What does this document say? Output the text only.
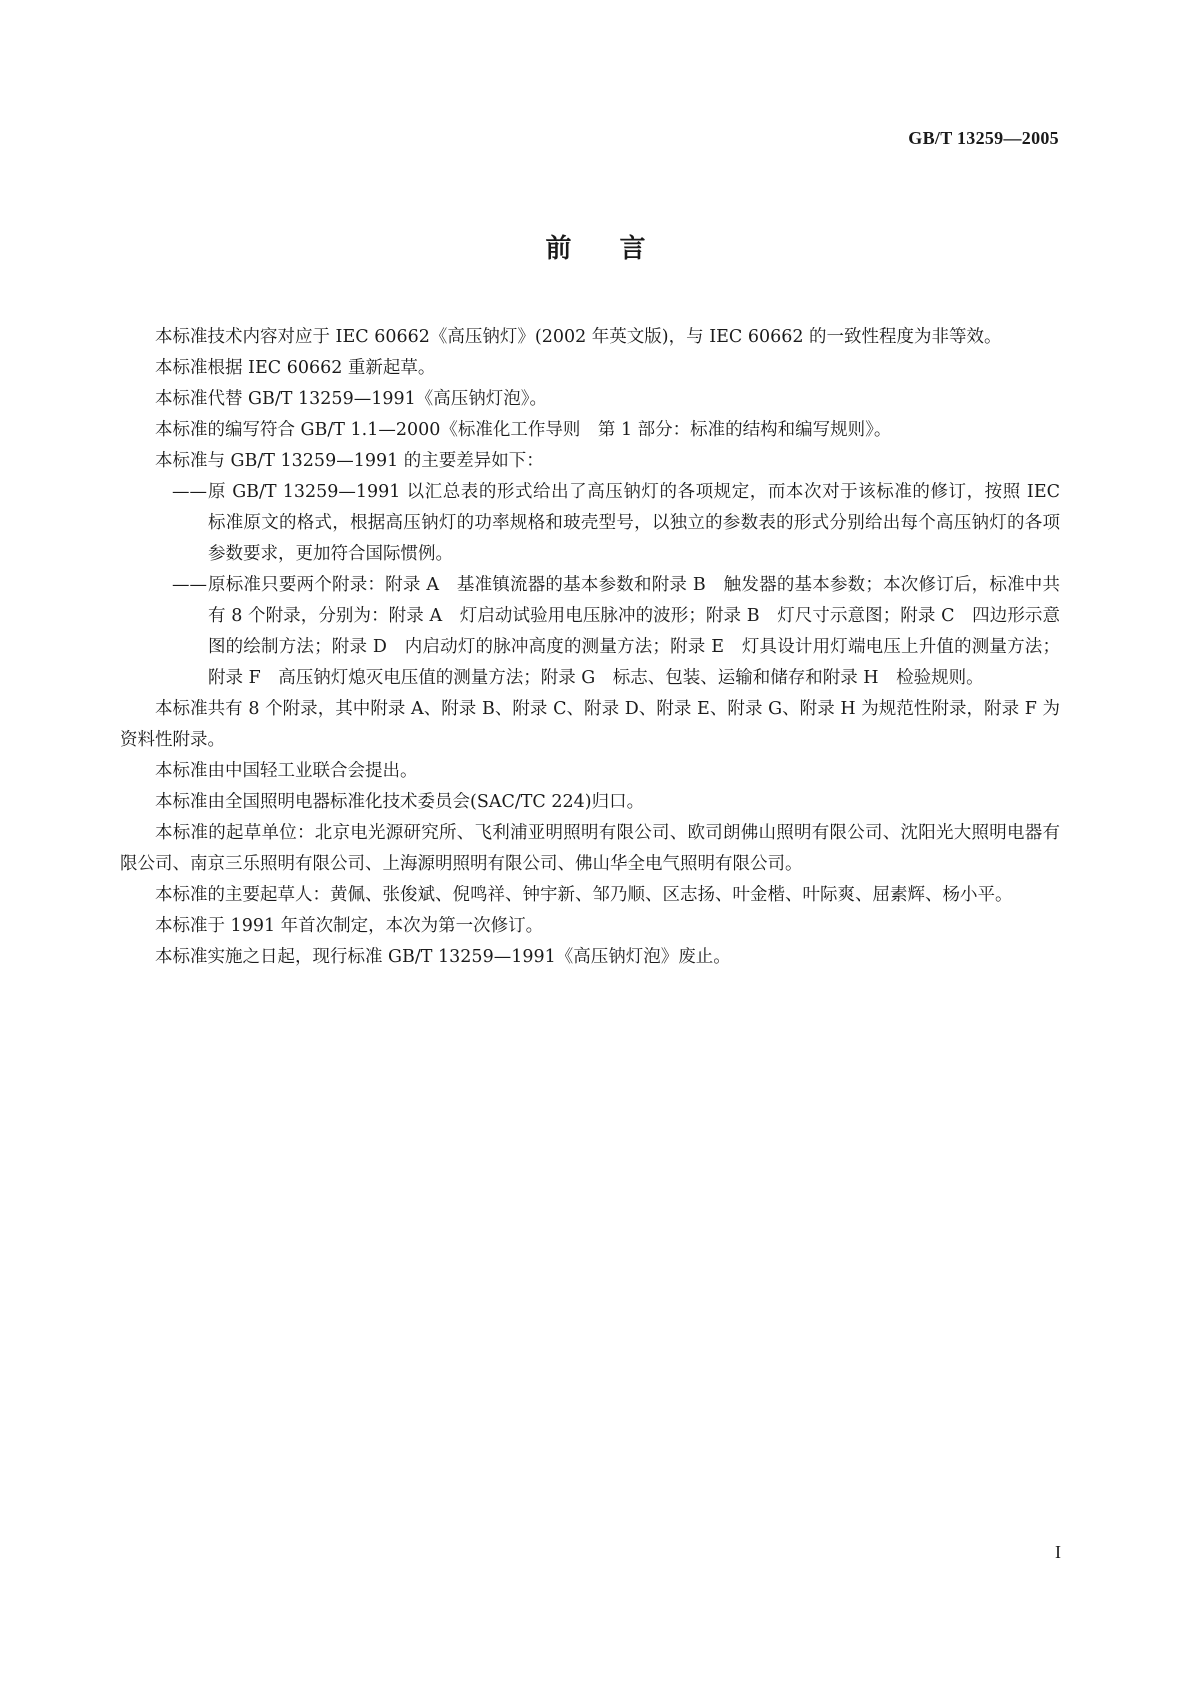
GB/T 13259—2005
前言

本标准技术内容对应于 IEC 60662《高压钠灯》(2002 年英文版)，与 IEC 60662 的一致性程度为非等效。

本标准根据 IEC 60662 重新起草。

本标准代替 GB/T 13259—1991《高压钠灯泡》。

本标准的编写符合 GB/T 1.1—2000《标准化工作导则　第 1 部分：标准的结构和编写规则》。

本标准与 GB/T 13259—1991 的主要差异如下：

—— 原 GB/T 13259—1991 以汇总表的形式给出了高压钠灯的各项规定，而本次对于该标准的修订，按照 IEC 标准原文的格式，根据高压钠灯的功率规格和玻壳型号，以独立的参数表的形式分别给出每个高压钠灯的各项参数要求，更加符合国际惯例。

—— 原标准只要两个附录：附录 A　基准镇流器的基本参数和附录 B　触发器的基本参数；本次修订后，标准中共有 8 个附录，分别为：附录 A　灯启动试验用电压脉冲的波形；附录 B　灯尺寸示意图；附录 C　四边形示意图的绘制方法；附录 D　内启动灯的脉冲高度的测量方法；附录 E　灯具设计用灯端电压上升值的测量方法；附录 F　高压钠灯熄灭电压值的测量方法；附录 G　标志、包装、运输和储存和附录 H　检验规则。

本标准共有 8 个附录，其中附录 A、附录 B、附录 C、附录 D、附录 E、附录 G、附录 H 为规范性附录，附录 F 为资料性附录。

本标准由中国轻工业联合会提出。

本标准由全国照明电器标准化技术委员会(SAC/TC 224)归口。

本标准的起草单位：北京电光源研究所、飞利浦亚明照明有限公司、欧司朗佛山照明有限公司、沈阳光大照明电器有限公司、南京三乐照明有限公司、上海源明照明有限公司、佛山华全电气照明有限公司。

本标准的主要起草人：黄佩、张俊斌、倪鸣祥、钟宇新、邹乃顺、区志扬、叶金楷、叶际爽、屈素辉、杨小平。

本标准于 1991 年首次制定，本次为第一次修订。

本标准实施之日起，现行标准 GB/T 13259—1991《高压钠灯泡》废止。

I
